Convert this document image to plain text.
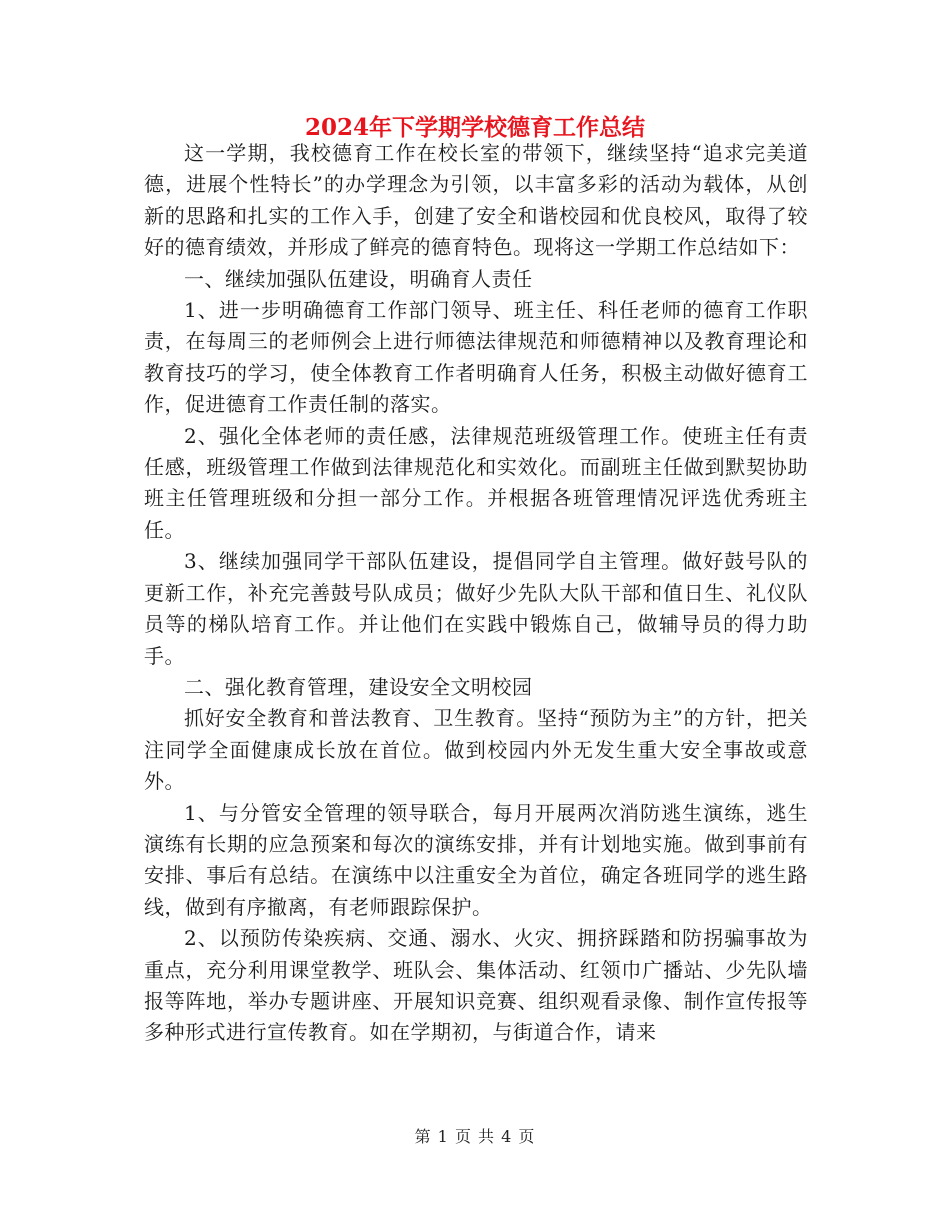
2024年下学期学校德育工作总结

这一学期，我校德育工作在校长室的带领下，继续坚持“追求完美道德，进展个性特长”的办学理念为引领，以丰富多彩的活动为载体，从创新的思路和扎实的工作入手，创建了安全和谐校园和优良校风，取得了较好的德育绩效，并形成了鲜亮的德育特色。现将这一学期工作总结如下：

一、继续加强队伍建设，明确育人责任

1、进一步明确德育工作部门领导、班主任、科任老师的德育工作职责，在每周三的老师例会上进行师德法律规范和师德精神以及教育理论和教育技巧的学习，使全体教育工作者明确育人任务，积极主动做好德育工作，促进德育工作责任制的落实。

2、强化全体老师的责任感，法律规范班级管理工作。使班主任有责任感，班级管理工作做到法律规范化和实效化。而副班主任做到默契协助班主任管理班级和分担一部分工作。并根据各班管理情况评选优秀班主任。

3、继续加强同学干部队伍建设，提倡同学自主管理。做好鼓号队的更新工作，补充完善鼓号队成员；做好少先队大队干部和值日生、礼仪队员等的梯队培育工作。并让他们在实践中锻炼自己，做辅导员的得力助手。

二、强化教育管理，建设安全文明校园

抓好安全教育和普法教育、卫生教育。坚持“预防为主”的方针，把关注同学全面健康成长放在首位。做到校园内外无发生重大安全事故或意外。

1、与分管安全管理的领导联合，每月开展两次消防逃生演练，逃生演练有长期的应急预案和每次的演练安排，并有计划地实施。做到事前有安排、事后有总结。在演练中以注重安全为首位，确定各班同学的逃生路线，做到有序撤离，有老师跟踪保护。

2、以预防传染疾病、交通、溺水、火灾、拥挤踩踏和防拐骗事故为重点，充分利用课堂教学、班队会、集体活动、红领巾广播站、少先队墙报等阵地，举办专题讲座、开展知识竞赛、组织观看录像、制作宣传报等多种形式进行宣传教育。如在学期初，与街道合作，请来

第 1 页 共 4 页
